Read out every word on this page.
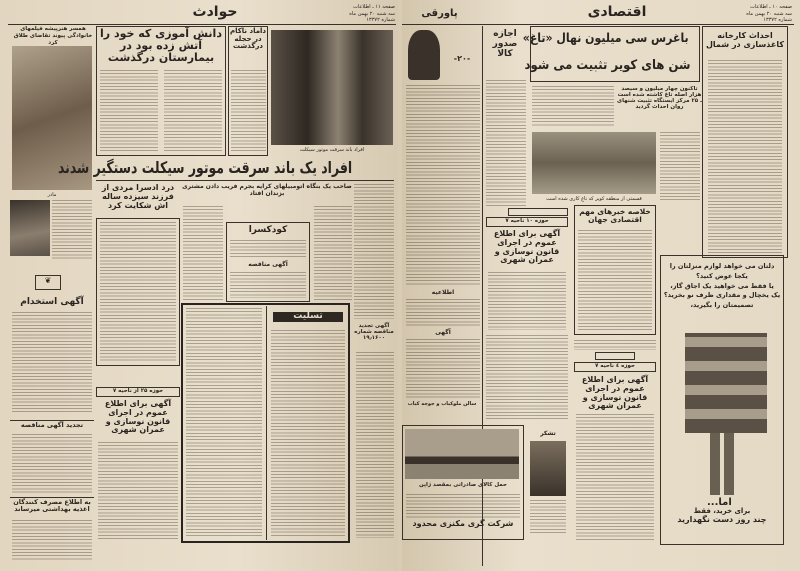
حوادث	صفحه ۱۱ ـ اطلاعات
سه شنبه ۲۰ بهمن ماه
شماره ۱۳۳۷۲
همسر هنرپیشه فیلمهای خانوادگی پیوند تقاضای طلاق کرد
مادر
دانش آموزی که خود را آتش زده بود در بیمارستان درگذشت
داماد ناکام در حجله درگذشت
افراد باند سرقت موتور سیکلت
افراد یک باند سرقت موتور سیکلت دستگیر شدند
❦
آگهی استخدام
تجدید آگهی مناقصه
به اطلاع مصرف کنندگان اغذیه بهداشتی میرساند
درد ادسرا مردی از فرزند سیزده ساله اش شکایت کرد
حوزه ۲۵ از ناحیه ۷
آگهی برای اطلاع عموم در اجرای قانون نوسازی و عمران شهری
صاحب یک بنگاه اتومبیلهای کرایه بجرم فریب دادن مشتری بزندان افتاد
کودکسرا
آگهی مناقصه
تسلیت
آگهی تجدید مناقصه شماره ۱۹٫۱۶۰۰
پاورقی	اقتصادی	صفحه ۱۰ ـ اطلاعات
سه شنبه ۲۰ بهمن ماه
شماره ۱۳۳۷۲
-۲۰-
اجازه صدور کالا
باغرس سی میلیون نهال «تاغ»
شن های کویر تثبیت می شود
تاکنون چهار میلیون و سیصد هزار اصله تاغ کاشته شده است ـ ۲۵ مرکز ایستگاه تثبیت شنهای روان احداث گردید
قسمتی از منطقه کویر که تاغ کاری شده است
احداث کارخانه کاغذسازی در شمال
حوزه ۱۰ ناحیه ۷
آگهی برای اطلاع عموم در اجرای قانون نوسازی و عمران شهری
خلاصه خبرهای مهم اقتصادی جهان
دلتان می خواهد لوازم منزلتان را یکجا عوض کنید؟
یا فقط می خواهید یک اجاق گاز،
یک یخچال و مقداری ظرف نو بخرید؟
تصمیمتان را بگیرید،
اما...
برای خرید، فقط
چند روز دست نگهدارید
اطلاعیه
آگهی
سالن ملوکباب و جوجه کباب
حمل کالای صادراتی بمقصد ژاپن
شرکت گری مکنزی محدود
تشکر
حوزه ٤ ناحیه ۷
آگهی برای اطلاع عموم در اجرای قانون نوسازی و عمران شهری
